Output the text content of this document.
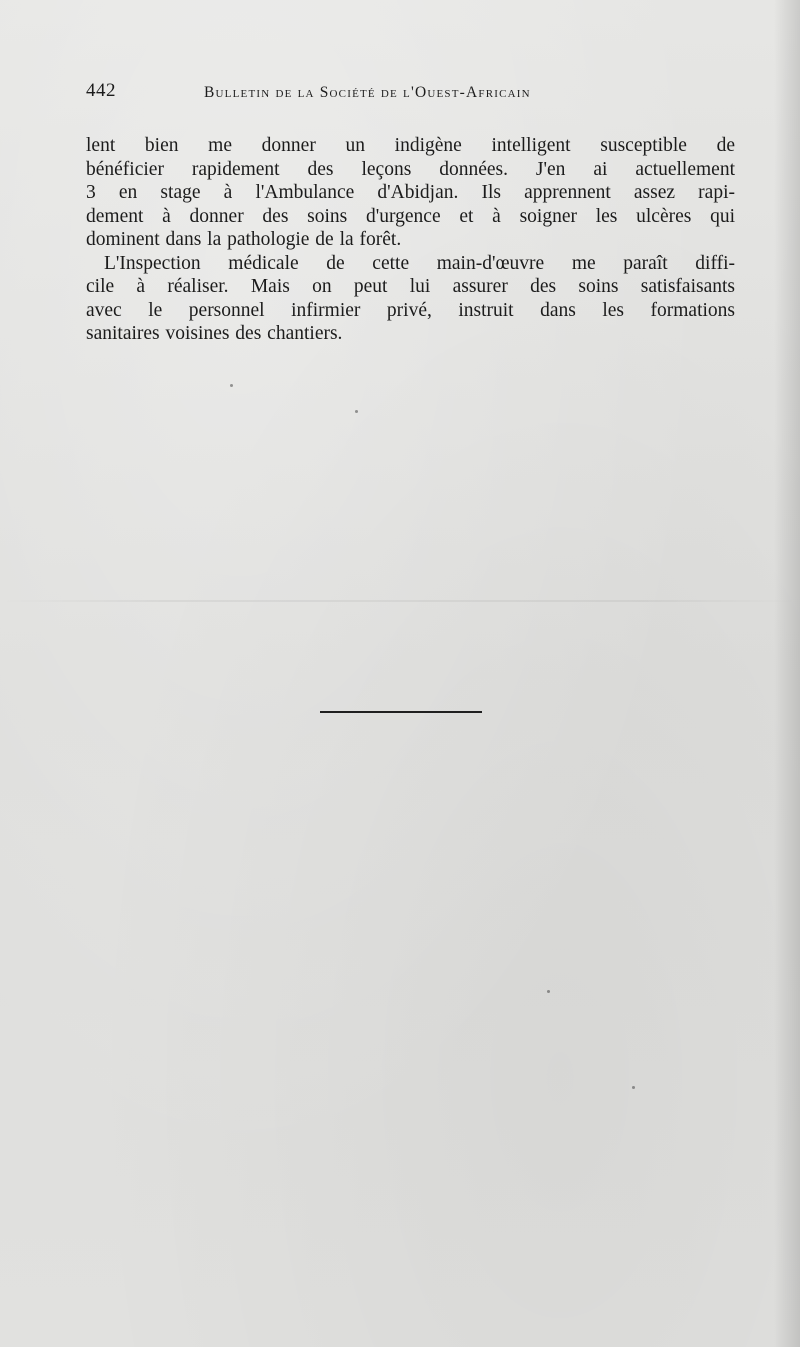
442	Bulletin de la Société de l'Ouest-Africain
lent bien me donner un indigène intelligent susceptible de
bénéficier rapidement des leçons données. J'en ai actuellement
3 en stage à l'Ambulance d'Abidjan. Ils apprennent assez rapi-
dement à donner des soins d'urgence et à soigner les ulcères qui
dominent dans la pathologie de la forêt.
L'Inspection médicale de cette main-d'œuvre me paraît diffi-
cile à réaliser. Mais on peut lui assurer des soins satisfaisants
avec le personnel infirmier privé, instruit dans les formations
sanitaires voisines des chantiers.
